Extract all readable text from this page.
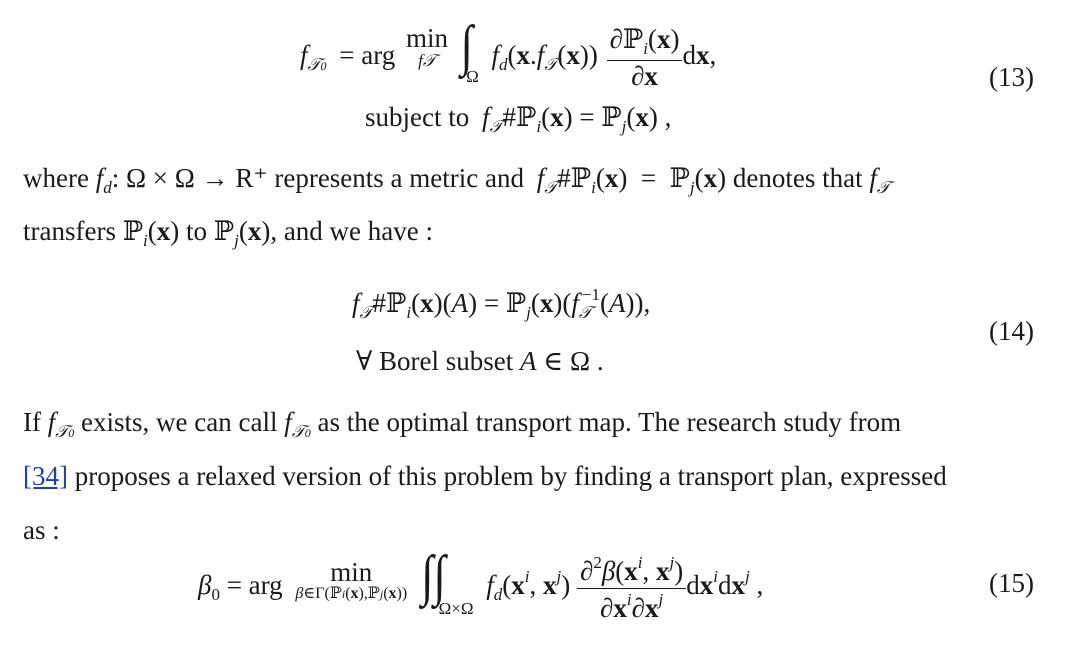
$f_{𝒯0}$ = arg
min
f𝒯 $\int_\Omega$ $f_d(x.f_𝒯(x)) \frac{\partial ℙ_i(x)}{\partial x}$ dx,
subject to $f_𝒯\#ℙ_i(x)$ = ℙ$_j$(x) ,
(13)
where $f_d$: Ω × Ω → R⁺ represents a metric and $f_𝒯\#ℙ_i(x)$  =  ℙ$_j$(x) denotes that $f_𝒯$
transfers ℙ$_i$(x) to ℙ$_j$(x), and we have :
$f_𝒯\#ℙ_i(x)(A)$ = $ℙ_j(x)(f_𝒯^{-1}(A))$,
∀ Borel subset A ∈ Ω .
(14)
If $f_{𝒯0}$ exists, we can call $f_{𝒯0}$ as the optimal transport map. The research study from
[34] proposes a relaxed version of this problem by finding a transport plan, expressed
as :
$\beta_0$ = arg	min
β∈Γ(ℙi(x),ℙj(x)) $\int\int_{\Omega\times\Omega}$ $f_d(x^i$, $x^j) \frac{\partial^2\beta(x^i, x^j)}{\partial x^i\partial x^j} dx^idx^j$ ,	(15)
